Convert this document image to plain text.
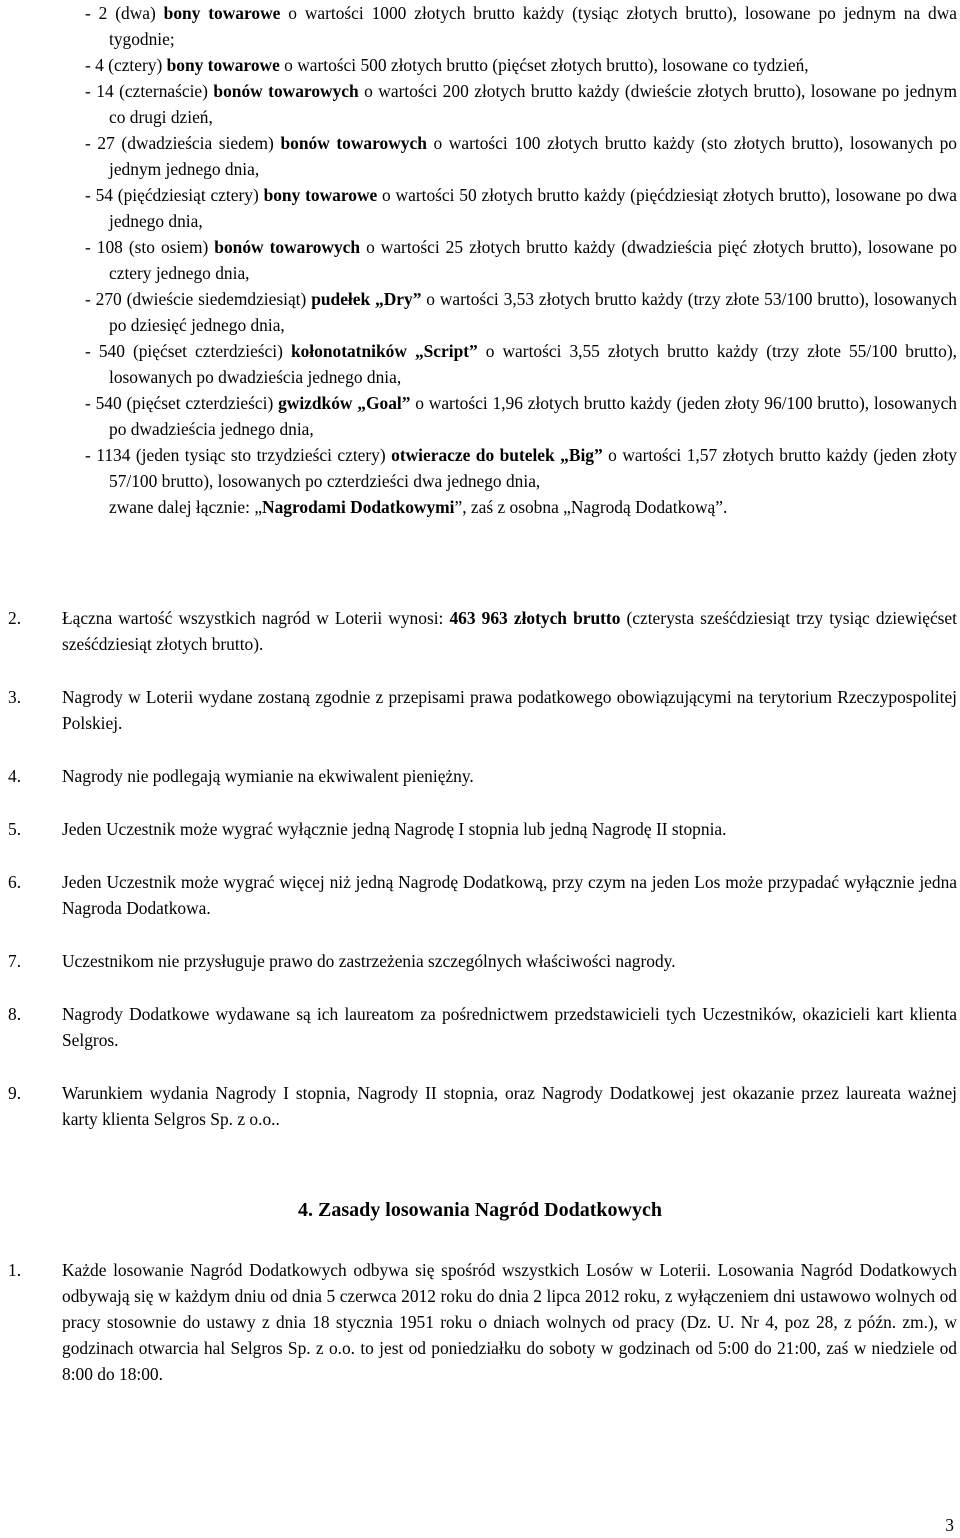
- 2 (dwa) bony towarowe o wartości 1000 złotych brutto każdy (tysiąc złotych brutto), losowane po jednym na dwa tygodnie;
- 4 (cztery) bony towarowe o wartości 500 złotych brutto (pięćset złotych brutto), losowane co tydzień,
- 14 (czternaście) bonów towarowych o wartości 200 złotych brutto każdy (dwieście złotych brutto), losowane po jednym co drugi dzień,
- 27 (dwadzieścia siedem) bonów towarowych o wartości 100 złotych brutto każdy (sto złotych brutto), losowanych po jednym jednego dnia,
- 54 (pięćdziesiąt cztery) bony towarowe o wartości 50 złotych brutto każdy (pięćdziesiąt złotych brutto), losowane po dwa jednego dnia,
- 108 (sto osiem) bonów towarowych o wartości 25 złotych brutto każdy (dwadzieścia pięć złotych brutto), losowane po cztery jednego dnia,
- 270 (dwieście siedemdziesiąt) pudełek „Dry” o wartości 3,53 złotych brutto każdy (trzy złote 53/100 brutto), losowanych po dziesięć jednego dnia,
- 540 (pięćset czterdzieści) kołonotatników „Script” o wartości 3,55 złotych brutto każdy (trzy złote 55/100 brutto), losowanych po dwadzieścia jednego dnia,
- 540 (pięćset czterdzieści) gwizdków „Goal” o wartości 1,96 złotych brutto każdy (jeden złoty 96/100 brutto), losowanych po dwadzieścia jednego dnia,
- 1134 (jeden tysiąc sto trzydzieści cztery) otwieracze do butelek „Big” o wartości 1,57 złotych brutto każdy (jeden złoty 57/100 brutto), losowanych po czterdzieści dwa jednego dnia,
zwane dalej łącznie: „Nagrodami Dodatkowymi”, zaś z osobna „Nagrodą Dodatkową”.
2. Łączna wartość wszystkich nagród w Loterii wynosi: 463 963 złotych brutto (czterysta sześćdziesiąt trzy tysiąc dziewięćset sześćdziesiąt złotych brutto).
3. Nagrody w Loterii wydane zostaną zgodnie z przepisami prawa podatkowego obowiązującymi na terytorium Rzeczypospolitej Polskiej.
4. Nagrody nie podlegają wymianie na ekwiwalent pieniężny.
5. Jeden Uczestnik może wygrać wyłącznie jedną Nagrodę I stopnia lub jedną Nagrodę II stopnia.
6. Jeden Uczestnik może wygrać więcej niż jedną Nagrodę Dodatkową, przy czym na jeden Los może przypadać wyłącznie jedna Nagroda Dodatkowa.
7. Uczestnikom nie przysługuje prawo do zastrzeżenia szczególnych właściwości nagrody.
8. Nagrody Dodatkowe wydawane są ich laureatom za pośrednictwem przedstawicieli tych Uczestników, okazicieli kart klienta Selgros.
9. Warunkiem wydania Nagrody I stopnia, Nagrody II stopnia, oraz Nagrody Dodatkowej jest okazanie przez laureata ważnej karty klienta Selgros Sp. z o.o..
4. Zasady losowania Nagród Dodatkowych
1. Każde losowanie Nagród Dodatkowych odbywa się spośród wszystkich Losów w Loterii. Losowania Nagród Dodatkowych odbywają się w każdym dniu od dnia 5 czerwca 2012 roku do dnia 2 lipca 2012 roku, z wyłączeniem dni ustawowo wolnych od pracy stosownie do ustawy z dnia 18 stycznia 1951 roku o dniach wolnych od pracy (Dz. U. Nr 4, poz 28, z późn. zm.), w godzinach otwarcia hal Selgros Sp. z o.o. to jest od poniedziałku do soboty w godzinach od 5:00 do 21:00, zaś w niedziele od 8:00 do 18:00.
3
